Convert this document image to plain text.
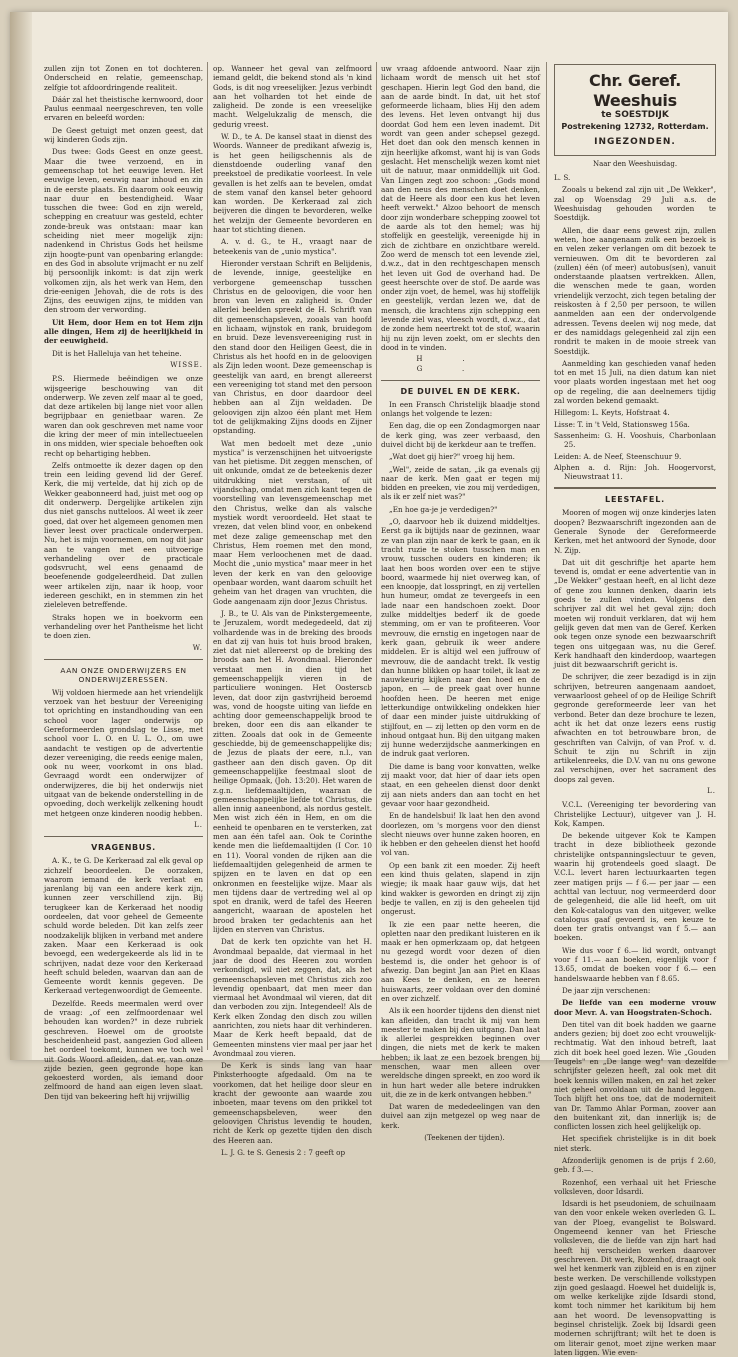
zullen zijn tot Zonen en tot dochteren. Onderscheid en relatie, gemeenschap, zelfgie tot afdoordringende realiteit.

Dáár zal het theistische kernwoord, door Paulus eenmaal neergeschreven, ten volle ervaren en beleefd worden:

De Geest getuigt met onzen geest, dat wij kinderen Gods zijn.

Dus twee: Gods Geest en onze geest. Maar die twee verzoend, en in gemeenschap tot het eeuwige leven. Het eeuwige leven, eeuwig naar inhoud en zin in de eerste plaats. En daarom ook eeuwig naar duur en bestendigheid. Waar tusschen die twee: God en zijn wereld, schepping en creatuur was gesteld, echter zonde-breuk was ontstaan: maar kan scheiding niet meer mogelijk zijn: nadenkend in Christus Gods het heilsme zijn hoogte-punt van openbaring erlangde: en des God in absolute vrijmacht er nu zelf bij persoonlijk inkomt: is dat zijn werk volkomen zijn, als het werk van Hem, den drie-eenigen Jehovah, die de rots is des Zijns, des eeuwigen zijns, te midden van den stroom der verwording.

Uit Hem, door Hem en tot Hem zijn alle dingen, Hem zij de heerlijkheid in der eeuwigheid.

Dit is het Halleluja van het teheine.

WISSE.

P.S. Hiermede beëindigen we onze wijsgeerige beschouwing van dit onderwerp. We zeven zelf maar al te goed, dat deze artikelen bij lange niet voor allen begrijpbaar en genietbaar waren. Ze waren dan ook geschreven met name voor die kring der meer of min intellectueelen in ons midden, wier speciale behoeften ook recht op behartiging hebben.

Zelfs ontmoette ik dezer dagen op den trein een leiding gevend lid der Geref. Kerk, die mij vertelde, dat hij zich op de Wekker geabonneerd had, juist met oog op dit onderwerp. Dergelijke artikelen zijn dus niet ganschs nutteloos. Al weet ik zeer goed, dat over het algemeen genomen men liever leest over practicale onderwerpen. Nu, het is mijn voornemen, om nog dit jaar aan te vangen met een uitvoerige verhandeling over de practicale godsvrucht, wel eens genaamd de beoefenende godgeleerdheid. Dat zullen weer artikelen zijn, naar ik hoop, voor iedereen geschikt, en in stemmen zin het zieleleven betreffende.

Straks hopen we in boekvorm een verhandeling over het Pantheïsme het licht te doen zien.

W.
AAN ONZE ONDERWIJZERS EN ONDERWIJZERESSEN.

Wij voldoen hiermede aan het vriendelijk verzoek van het bestuur der Vereeniging tot oprichting en instandhouding van een school voor lager onderwijs op Gereformeerden grondslag te Lisse, met school voor L. O. en U. L. O., om uwe aandacht te vestigen op de advertentie dezer vereeniging, die reeds eenige malen, ook nu weer, voorkomt in ons blad. Gevraagd wordt een onderwijzer of onderwijzeres, die bij het onderwijs niet uitgaat van de bekende onderstelling in de opvoeding, doch werkelijk zelkening houdt met hetgeen onze kinderen noodig hebben.

L.
VRAGENBUS.

A. K., te G. De Kerkeraad zal elk geval op zichzelf beoordeelen. De oorzaken, waarom iemand de kerk verlaat en jarenlang bij van een andere kerk zijn, kunnen zeer verschillend zijn. Bij terugkeer kan de Kerkeraad het noodig oordeelen, dat voor geheel de Gemeente schuld worde beleden. Dit kan zelfs zeer noodzakelijk blijken in verband met andere zaken. Maar een Kerkeraad is ook bevoegd, een wedergekeerde als lid in te schrijven, nadat deze voor den Kerkeraad heeft schuld beleden, waarvan dan aan de Gemeente wordt kennis gegeven. De Kerkeraad vertegenwoordigt de Gemeente.

Dezelfde. Reeds meermalen werd over de vraag: „of een zelfmoordenaar wel behouden kan worden?" in deze rubriek geschreven. Hoewel om de grootste bescheidenheid past, aangezien God alleen het oordeel toekomt, kunnen we toch wel uit Gods Woord afleiden, dat er, van onze zijde bezien, geen gegronde hope kan gekoesterd worden, als iemand door zelfmoord de hand aan eigen leven slaat. Den tijd van bekeering heft hij vrijwillig

op. Wanneer het geval van zelfmoord iemand geldt, die bekend stond als 'n kind Gods, is dit nog vreeselijker. Jezus verbindt aan het volharden tot het einde de zaligheid. De zonde is een vreeselijke macht. Welgelukzalig de mensch, die gedurig vreest.

W. D., te A. De kansel staat in dienst des Woords. Wanneer de predikant afwezig is, is het geen heiligschennis als de dienstdoende ouderling vanaf den preekstoel de predikatie voorleest. In vele gevallen is het zelfs aan te bevelen, omdat de stem vanaf den kansel beter gehoord kan worden. De Kerkeraad zal zich beijveren die dingen te bevorderen, welke het welzijn der Gemeente bevorderen en haar tot stichting dienen.

A. v. d. G., te H., vraagt naar de beteekenis van de „unio mystica".

Hieronder verstaan Schrift en Belijdenis, de levende, innige, geestelijke en verborgene gemeenschap tusschen Christus en de geloovigen, die voor hen bron van leven en zaligheid is. Onder allerlei beelden spreekt de H. Schrift van dit gemeenschapsleven, zooals van hoofd en lichaam, wijnstok en rank, bruidegom en bruid. Deze levensvereeniging rust in den stand door den Heiligen Geest, die in Christus als het hoofd en in de geloovigen als Zijn leden woont. Deze gemeenschap is geestelijk van aard, en brengt allereerst een vereeniging tot stand met den persoon van Christus, en door daardoor deel hebben aan al Zijn weldaden. De geloovigen zijn alzoo één plant met Hem tot de gelijkmaking Zijns doods en Zijner opstanding.

Wat men bedoelt met deze „unio mystica" is verzenschijnen het uitvoerigste van het pietisme. Dit zeggen menschen, of uit onkunde, omdat ze de beteekenis dezer uitdrukking niet verstaan, of uit vijandschap, omdat men zich kant tegen de voorstelling van levensgemeenschap met den Christus, welke dan als valsche mystiek wordt veroordeeld. Het staat te vrezen, dat velen blind voor, en onbekend met deze zalige gemeenschap met den Christus, Hem roemen met den mond, maar Hem verloochenen met de daad. Mocht die „unio mystica" maar meer in het leven der kerk en van den geloovige openbaar worden, want daarom schuilt het geheim van het dragen van vruchten, die Gode aangenaam zijn door Jezus Christus.

J. B., te U. Als van de Pinkstergemeente, te Jeruzalem, wordt medegedeeld, dat zij volhardende was in de breking des broods en dat zij van huis tot huis brood braken, ziet dat niet allereerst op de breking des broods aan het H. Avondmaal. Hieronder verstaat men in dien tijd het gemeenschappelijk vieren in de particuliere woningen. Het Oosterscb leven, dat door zijn gastvrijheid beroemd was, vond de hoogste uiting van liefde en achting door gemeenschappelijk brood te breken, door een dis aan elkander te zitten. Zooals dat ook in de Gemeente geschiedde, bij de gemeenschappelijke dis; de Jezus de plaats der eere, n.l., van gastheer aan den disch gaven. Op dit gemeenschappelijke feestmaal sloot de heilige Opmaak, (Joh. 13:20). Het waren de z.g.n. liefdemaaltijden, waaraan de gemeenschappelijke liefde tot Christus, die allen innig aaneenbond, als nordus gestelt. Men wist zich één in Hem, en om die eenheid te openbaren en te versterken, zat men aan één tafel aan. Ook te Corinthe kende men die liefdemaaltijden (I Cor. 10 en 11). Vooral vonden de rijken aan die liefdemaaltijden gelegenheid de armen te spijzen en te laven en dat op een onkronmen en feestelijke wijze. Maar als men tijdens daar de vertreding wel al op spot en dranik, werd de tafel des Heeren aangericht, waaraan de apostelen het brood braken ter gedachtenis aan het lijden en sterven van Christus.

Dat de kerk ten opzichte van het H. Avondmaal bepaalde, dat viermaal in het jaar de dood des Heeren zou worden verkondigd, wil niet zeggen, dat, als het gemeenschapsleven met Christus zich zoo levendig openbaart, dat men meer dan viermaal het Avondmaal wil vieren, dat dit dan verboden zou zijn. Integendeel! Als de Kerk elken Zondag den disch zou willen aanrichten, zou niets haar dit verhinderen. Maar de Kerk heeft bepaald, dat de Gemeenten minstens vier maal per jaar het Avondmaal zou vieren.

De Kerk is sinds lang van haar Pinksterhoogte afgedaald. Om na te voorkomen, dat het heilige door sleur en kracht der gewoonte aan waarde zou inboeten, maar tevens om den prikkel tot gemeenschapsbeleven, weer den geloovigen Christus levendig te houden, richt de Kerk op gezette tijden den disch des Heeren aan.

L. J. G. te S. Genesis 2 : 7 geeft op

uw vraag afdoende antwoord. Naar zijn lichaam wordt de mensch uit het stof geschapen. Hierin legt God den band, die aan de aarde bindt. In dat, uit het stof geformeerde lichaam, blies Hij den adem des levens. Het leven ontvangt hij dus doordat God hem een leven inademt. Dit wordt van geen ander schepsel gezegd. Het doet dan ook den mensch kennen in zijn heerlijke afkomst, want hij is van Gods geslacht. Het menschelijk wezen komt niet uit de natuur, maar onmiddellijk uit God. Van Lingen zegt zoo schoon: „Gods mond aan den neus des menschen doet denken, dat de Heere als door een kus het leven heeft verwekt." Alzoo behoort de mensch door zijn wonderbare schepping zoowel tot de aarde als tot den hemel; was hij stoffelijk en geestelijk, vereenigde hij in zich de zichtbare en onzichtbare wereld. Zoo werd de mensch tot een levende ziel, d.w.z., dat in den rechtgeschapen mensch het leven uit God de overhand had. De geest heerschte over de stof. De aarde was onder zijn voet, de hemel, was hij stoffelijk en geestelijk, verdan lezen we, dat de mensch, die krachtens zijn schepping een levende ziel was, vleesch wordt, d.w.z., dat de zonde hem neertrekt tot de stof, waarin hij nu zijn leven zoekt, om er slechts den dood in te vinden.

H. G.
DE DUIVEL EN DE KERK.

In een Fransch Christelijk blaadje stond onlangs het volgende te lezen:

Een dag, die op een Zondagmorgen naar de kerk ging, was zeer verbaasd, den duivel dicht bij de kerkdeur aan te treffen.

„Wat doet gij hier?" vroeg hij hem.

„Wel", zeide de satan, „ik ga evenals gij naar de kerk. Men gaat er tegen mij bidden en preeken, vie zou mij verdedigen, als ik er zelf niet was?"

„En hoe ga-je je verdedigen?"

„O, daarvoor heb ik duizend middeltjes. Eerst ga ik bijtijds naar de gezinnen, waar ze van plan zijn naar de kerk te gaan, en ik tracht ruzie te stoken tusschen man en vrouw, tusschen ouders en kinderen; ik laat hen boos worden over een te stijve boord, waarmede hij niet overweg kan, of een knoopje, dat losspringt, en zij vertellen hun humeur, omdat ze tevergeefs in een lade naar een handschoen zoekt. Door zulke middeltjes bederf ik de goede stemming, om er van te profiteeren. Voor mevrouw, die ernstig en ingetogen naar de kerk gaan, gebruik ik weer andere middelen. Er is altijd wel een juffrouw of mevrouw, die de aandacht trekt. Ik vestig dan hunne blikken op haar toilet, ik laat ze nauwkeurig kijken naar den hoed en de japon, en — de preek gaat over hunne hoofden heen. De heeren met enige letterkundige ontwikkeling ondekken hier of daar een minder juiste uitdrukking of stijlfout, en — zij letten op den vorm en de inhoud ontgaat hun. Bij den uitgang maken zij hunne wederzijdsche aanmerkingen en de indruk gaat verloren.

Die dame is bang voor konvatten, welke zij maakt voor, dat hier of daar iets open staat, en een geheelen dienst door denkt zij aan niets anders dan aan tocht en het gevaar voor haar gezondheid.

En de handelsbui! Ik laat hen den avond doorlezen, om 's morgens voor den dienst slecht nieuws over hunne zaken hooren, en ik hebben er den geheelen dienst het hoofd vol van.

Op een bank zit een moeder. Zij heeft een kind thuis gelaten, slapend in zijn wiegje; ik maak haar gauw wijs, dat het kind wakker is geworden en dringt zij zijn bedje te vallen, en zij is den geheelen tijd ongerust.

Ik zie een paar nette heeren, die opletten naar den predikant luisteren en ik maak er hen opmerkzaam op, dat hetgeen nu gezegd wordt voor dezen of dien bestemd is, die onder het gehoor is of afwezig. Dan begint Jan aan Piet en Klaas aan Kees te denken, en ze heeren huiswaarts, zeer voldaan over den dominé en over zichzelf.

Als ik een hoorder tijdens den dienst niet kan afleiden, dan tracht ik mij van hem meester te maken bij den uitgang. Dan laat ik allerlei gesprekken beginnen over dingen, die niets met de kerk te maken hebben; ik laat ze een bezoek brengen bij menschen, waar men alleen over wereldsche dingen spreekt, en zoo word ik in hun hart weder alle betere indrukken uit, die ze in de kerk ontvangen hebben."

Dat waren de mededeelingen van den duivel aan zijn metgezel op weg naar de kerk.

(Teekenen der tijden).

Chr. Geref. Weeshuis
te SOESTDIJK
Postrekening 12732, Rotterdam.
INGEZONDEN.
Naar den Weeshuisdag.

L. S.

Zooals u bekend zal zijn uit „De Wekker", zal op Woensdag 29 Juli a.s. de Weeshuisdag gehouden worden te Soestdijk.

Allen, die daar eens gewest zijn, zullen weten, hoe aangenaam zulk een bezoek is en velen zeker verlangen om dit bezoek te vernieuwen. Om dit te bevorderen zal (zullen) één (of meer) autobus(sen), vanuit onderstaande plaatsen vertrekken. Allen, die wenschen mede te gaan, worden vriendelijk verzocht, zich tegen betaling der reiskosten à f 2,50 per persoon, te willen aanmelden aan een der ondervolgende adressen. Tevens deelen wij nog mede, dat er des namiddags gelegenheid zal zijn een rondrit te maken in de mooie streek van Soestdijk.

Aanmelding kan geschieden vanaf heden tot en met 15 Juli, na dien datum kan niet voor plaats worden ingestaan met het oog op de regeling, die aan deelnemers tijdig zal worden bekend gemaakt.

Hillegom: L. Keyts, Hofstraat 4.

Lisse: T. in 't Veld, Stationsweg 156a.

Sassenheim: G. H. Vooshuis, Charbonlaan 25.

Leiden: A. de Neef, Steenschuur 9.

Alphen a. d. Rijn: Joh. Hoogervorst, Nieuwstraat 11.

LEESTAFEL.

Mooren of mogen wij onze kinderjes laten doopen? Bezwaarschrift ingezonden aan de Generale Synode der Gereformeerde Kerken, met het antwoord der Synode, door N. Zijp.

Dat uit dit geschriftje het aparte hem tevend is, omdat er eene advertentie van in „De Wekker" gestaan heeft, en al licht deze of gene zou kunnen denken, daarin iets goeds te zullen vinden. Volgens den schrijver zal dit wel het geval zijn; doch moeten wij ronduit verklaren, dat wij hem gelijk geven dat men van de Geref. Kerken ook tegen onze synode een bezwaarschrift tegen ons uitgegaan was, nu die Geref. Kerk handhaaft den kinderdoop, waartegen juist dit bezwaarschrift gericht is.

De schrijver, die zeer bezadigd is in zijn schrijven, betreuren aangenaam aandoet, verwaarloost geheel of op de Heilige Schrift gegronde gereformeerde leer van het verbond. Beter dan deze brochure te lezen, acht ik het dat onze lezers eens rustig afwachten en tot betrouwbare bron, de geschriften van Calvijn, of van Prof. v. d. Schuit te zijn nu Schrift in zijn artikelenreeks, die D.V. van nu ons gewone zal verschijnen, over het sacrament des doops zal geven.

L.

V.C.L. (Vereeniging ter bevordering van Christelijke Lectuur), uitgever van J. H. Kok, Kampen.

De bekende uitgever Kok te Kampen tracht in deze bibliotheek gezonde christelijke ontspanningslectuur te geven, waarin hij grotendeels goed slaagt. De V.C.L. levert haren lectuurkaarten tegen zeer matigen prijs — f 6.— per jaar — een achttal van lectuur, nog vermeerderd door de gelegenheid, die alle lid heeft, om uit den Kok-catalogus van den uitgever, welke catalogus gaaf gevoerd is, een keuze te doen ter gratis ontvangst van f 5.— aan boeken.

Wie dus voor f 6.— lid wordt, ontvangt voor f 11.— aan boeken, eigenlijk voor f 13.65, omdat de boeken voor f 6.— een handelswaarde hebben van f 8.65.

De jaar zijn verschenen:

De liefde van een moderne vrouw door Mevr. A. van Hoogstraten-Schoch.

Den titel van dit boek hadden we gaarne anders gezien; bij doet zoo echt vrouwelijk-rechtmatig. Wat den inhoud betreft, laat zich dit boek heel goed lezen. Wie „Gouden Teugels" en „De lange weg" van dezelfde schrijfster gelezen heeft, zal ook met dit boek kennis willen maken, en zal het zeker niet geheel onvoldaan uit de hand leggen. Toch blijft het ons toe, dat de moderniteit van Dr. Tammo Ahlar Porman, zoover aan den buitenkant zit, dan innerlijk is; de conflicten lossen zich heel gelijkelijk op.

Het specifiek christelijke is in dit boek niet sterk.

Afzonderlijk genomen is de prijs f 2.60, geb. f 3.—.

Rozenhof, een verhaal uit het Friesche volksleven, door Idsardi.

Idsardi is het pseudoniem, de schuilnaam van den voor enkele weken overleden G. L. van der Ploeg, evangelist te Bolsward. Ongemeend kenner van het Friesche volksleven, die de liefde van zijn hart had heeft hij verscheiden werken daarover geschreven. Dit werk, Rozenhof, draagt ook wel het kenmerk van zijbleid en is en zijner beste werken. De verschillende volkstypen zijn goed geslaagd. Hoewel het duidelijk is, om welke kerkelijke zijde Idsardi stond, komt toch nimmer het karikitum bij hem aan het woord. De levensopvatting is beginsel christelijk. Zoek bij Idsardi geen modernen schrijftrant; wilt het te doen is om literair genot, moet zijne werken maar laten liggen. Wie even-
